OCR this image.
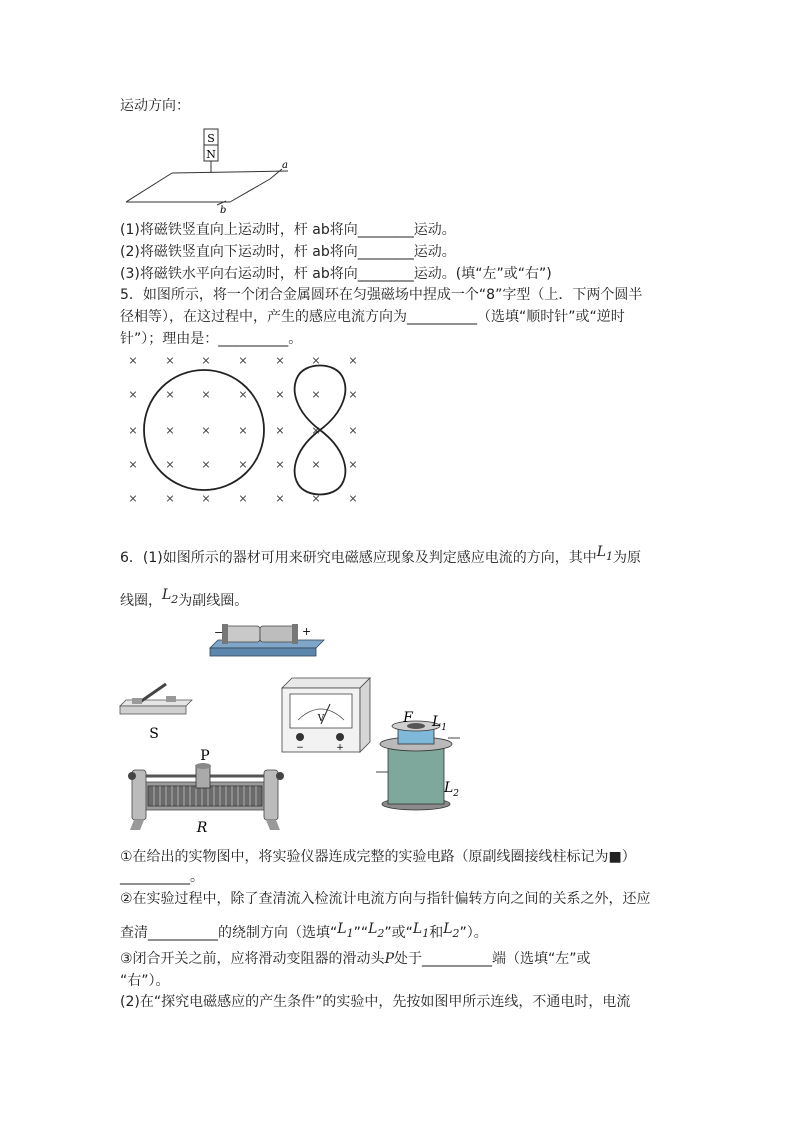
运动方向：
S
N
a
b
(1)将磁铁竖直向上运动时，杆 ab将向________运动。
(2)将磁铁竖直向下运动时，杆 ab将向________运动。
(3)将磁铁水平向右运动时，杆 ab将向________运动。(填“左”或“右”)
5．如图所示，将一个闭合金属圆环在匀强磁场中捏成一个“8”字型（上．下两个圆半
径相等），在这过程中，产生的感应电流方向为__________（选填“顺时针”或“逆时
针”）；理由是：__________。
×	× ×	×	× ×	×
×	× ×	×	× ×	×
×	× ×	×	× ×	×
×	× ×	×	× ×	×
×	× ×	×	× ×	×
6．(1)如图所示的器材可用来研究电磁感应现象及判定感应电流的方向，其中$L_1$为原
线圈，$L_2$为副线圈。
−	+
S
V
−	+
P
R
F $L_1$
$L_2$
①在给出的实物图中，将实验仪器连成完整的实验电路（原副线圈接线柱标记为■）
__________。
②在实验过程中，除了查清流入检流计电流方向与指针偏转方向之间的关系之外，还应
查清__________的绕制方向（选填“$L_1”“L_2$”或“$L_1$和$L_2$”）。
③闭合开关之前，应将滑动变阻器的滑动头P处于__________端（选填“左”或
“右”）。
(2)在“探究电磁感应的产生条件”的实验中，先按如图甲所示连线，不通电时，电流
